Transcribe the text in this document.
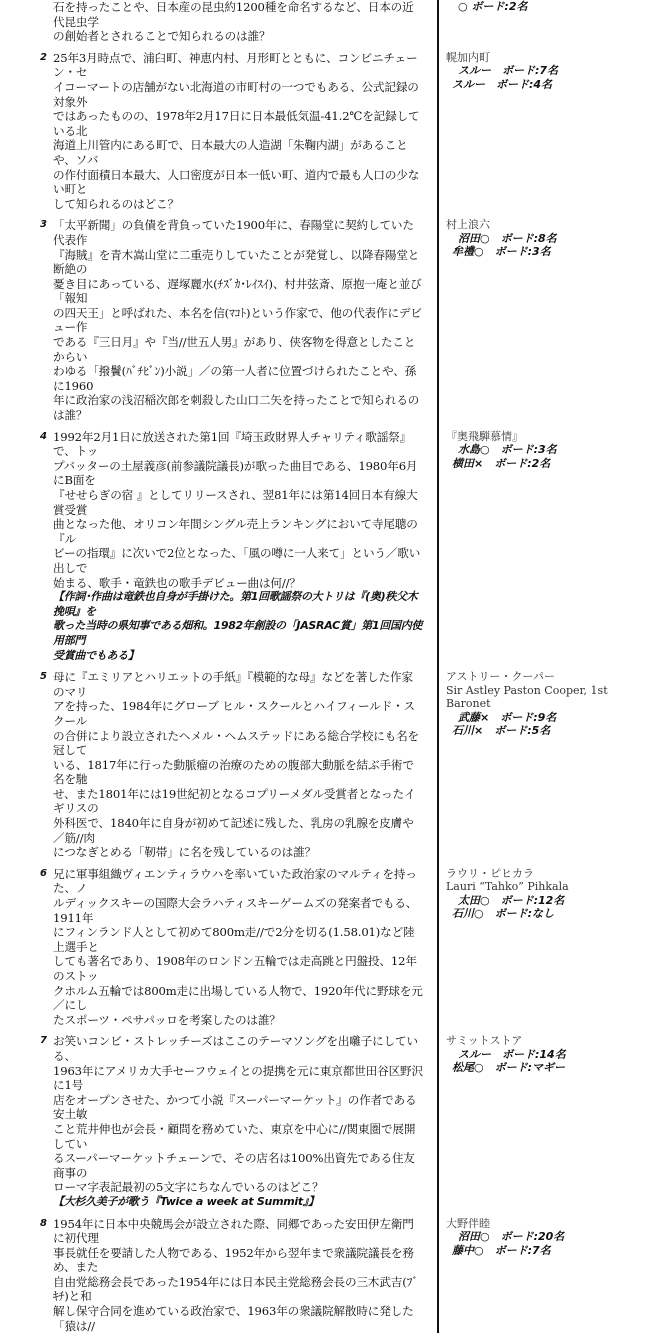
石を持ったことや、日本産の昆虫約1200種を命名するなど、日本の近代昆虫学
の創始者とされることで知られるのは誰？
○ ボード:2名
2 25年3月時点で、浦臼町、神恵内村、月形町とともに、コンビニチェーン・セ
イコーマートの店舗がない北海道の市町村の一つでもある、公式記録の対象外
ではあったものの、1978年2月17日に日本最低気温-41.2℃を記録している北
海道上川管内にある町で、日本最大の人造湖「朱鞠内湖」があることや、ソバ
の作付面積日本最大、人口密度が日本一低い町、道内で最も人口の少ない町と
して知られるのはどこ？
幌加内町
スルー　ボード:7名
スルー　ボード:4名
3 「太平新聞」の負債を背負っていた1900年に、春陽堂に契約していた代表作
『海賊』を青木嵩山堂に二重売りしていたことが発覚し、以降春陽堂と断絶の
憂き目にあっている、遅塚麗水(ﾁｽﾞｶ･ﾚｲｽｲ)、村井弦斎、原抱一庵と並び「報知
の四天王」と呼ばれた、本名を信(ﾏｺﾄ)という作家で、他の代表作にデビュー作
である『三日月』や『当//世五人男』があり、侠客物を得意としたことからい
わゆる「撥鬢(ﾊﾞﾁﾋﾞﾝ)小説」／の第一人者に位置づけられたことや、孫に1960
年に政治家の浅沼稲次郎を刺殺した山口二矢を持ったことで知られるのは誰？
村上浪六
沼田○　ボード:8名
牟禮○　ボード:3名
4 1992年2月1日に放送された第1回『埼玉政財界人チャリティ歌謡祭』で、トッ
プバッターの土屋義彦(前参議院議長)が歌った曲目である、1980年6月にB面を
『せせらぎの宿 』としてリリースされ、翌81年には第14回日本有線大賞受賞
曲となった他、オリコン年間シングル売上ランキングにおいて寺尾聰の『ル
ビーの指環』に次いで2位となった、「風の噂に一人来て」という／歌い出しで
始まる、歌手・竜鉄也の歌手デビュー曲は何//？
【作詞･作曲は竜鉄也自身が手掛けた。第1回歌謡祭の大トリは『(奥)秩父木挽唄』を
歌った当時の県知事である畑和。1982年創設の「JASRAC賞」第1回国内使用部門
受賞曲でもある】
『奥飛騨慕情』
水島○　ボード:3名
横田×　ボード:2名
5 母に『エミリアとハリエットの手紙』『模範的な母』などを著した作家のマリ
アを持った、1984年にグローブ ヒル・スクールとハイフィールド・スクール
の合併により設立されたヘメル・ヘムステッドにある総合学校にも名を冠して
いる、1817年に行った動脈瘤の治療のための腹部大動脈を結ぶ手術で名を馳
せ、また1801年には19世紀初となるコプリーメダル受賞者となったイギリスの
外科医で、1840年に自身が初めて記述に残した、乳房の乳腺を皮膚や／筋//肉
につなぎとめる「靭帯」に名を残しているのは誰？
アストリー・クーパー
Sir Astley Paston Cooper, 1st
Baronet
武藤×　ボード:9名
石川×　ボード:5名
6 兄に軍事組織ヴィエンティラウハを率いていた政治家のマルティを持った、ノ
ルディックスキーの国際大会ラハティスキーゲームズの発案者でもる、1911年
にフィンランド人として初めて800m走//で2分を切る(1.58.01)など陸上選手と
しても著名であり、1908年のロンドン五輪では走高跳と円盤投、12年のストッ
クホルム五輪では800m走に出場している人物で、1920年代に野球を元／にし
たスポーツ・ペサパッロを考案したのは誰？
ラウリ・ピヒカラ
Lauri “Tahko” Pihkala
太田○　ボード:12名
石川○　ボード:なし
7 お笑いコンビ・ストレッチーズはここのテーマソングを出囃子にしている、
1963年にアメリカ大手セーフウェイとの提携を元に東京都世田谷区野沢に1号
店をオープンさせた、かつて小説『スーパーマーケット』の作者である安土敏
こと荒井伸也が会長・顧問を務めていた、東京を中心に//関東圏で展開してい
るスーパーマーケットチェーンで、その店名は100%出資先である住友商事の
ローマ字表記最初の5文字にちなんでいるのはどこ？
【大杉久美子が歌う『Twice a week at Summit』】
サミットストア
スルー　ボード:14名
松尾○　ボード:マギー
8 1954年に日本中央競馬会が設立された際、同郷であった安田伊左衛門に初代理
事長就任を要請した人物である、1952年から翌年まで衆議院議長を務め、また
自由党総務会長であった1954年には日本民主党総務会長の三木武吉(ﾌﾞｷﾁ)と和
解し保守合同を進めている政治家で、1963年の衆議院解散時に発した「猿は//
大野伴睦
沼田○　ボード:20名
藤中○　ボード:7名
